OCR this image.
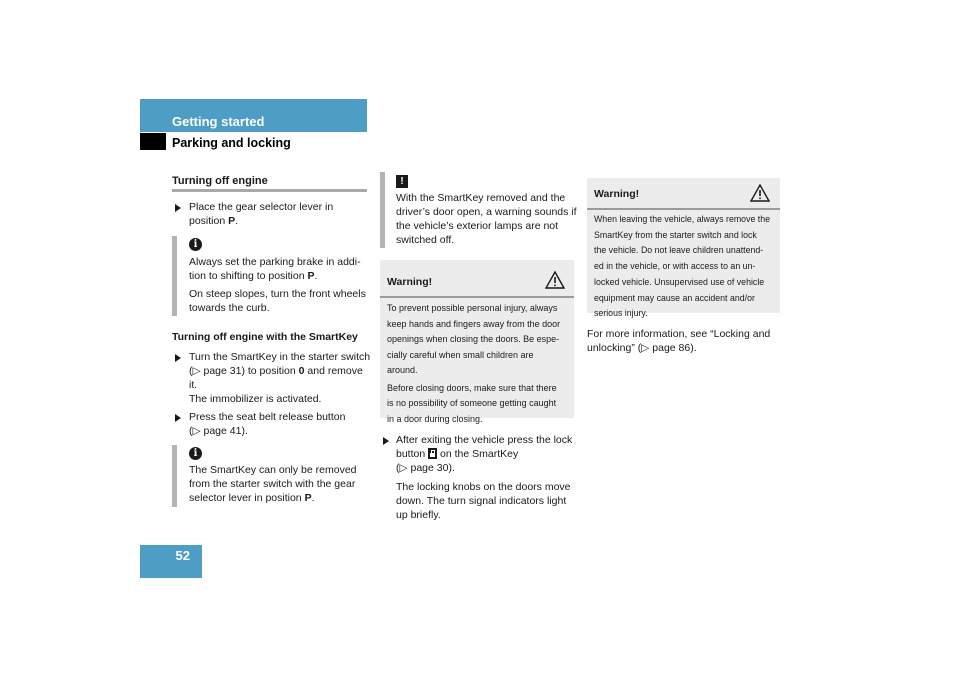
Getting started
Parking and locking
Turning off engine
Place the gear selector lever in
position P.
i
Always set the parking brake in addi-
tion to shifting to position P.
On steep slopes, turn the front wheels
towards the curb.
Turning off engine with the SmartKey
Turn the SmartKey in the starter switch
(▷ page 31) to position 0 and remove
it.
The immobilizer is activated.
Press the seat belt release button
(▷ page 41).
i
The SmartKey can only be removed
from the starter switch with the gear
selector lever in position P.
!
With the SmartKey removed and the
driver’s door open, a warning sounds if
the vehicle’s exterior lamps are not
switched off.
Warning!
To prevent possible personal injury, always
keep hands and fingers away from the door
openings when closing the doors. Be espe-
cially careful when small children are
around.
Before closing doors, make sure that there
is no possibility of someone getting caught
in a door during closing.
After exiting the vehicle press the lock
button
on the SmartKey
(▷ page 30).
The locking knobs on the doors move
down. The turn signal indicators light
up briefly.
Warning!
When leaving the vehicle, always remove the
SmartKey from the starter switch and lock
the vehicle. Do not leave children unattend-
ed in the vehicle, or with access to an un-
locked vehicle. Unsupervised use of vehicle
equipment may cause an accident and/or
serious injury.
For more information, see “Locking and
unlocking” (▷ page 86).
52
